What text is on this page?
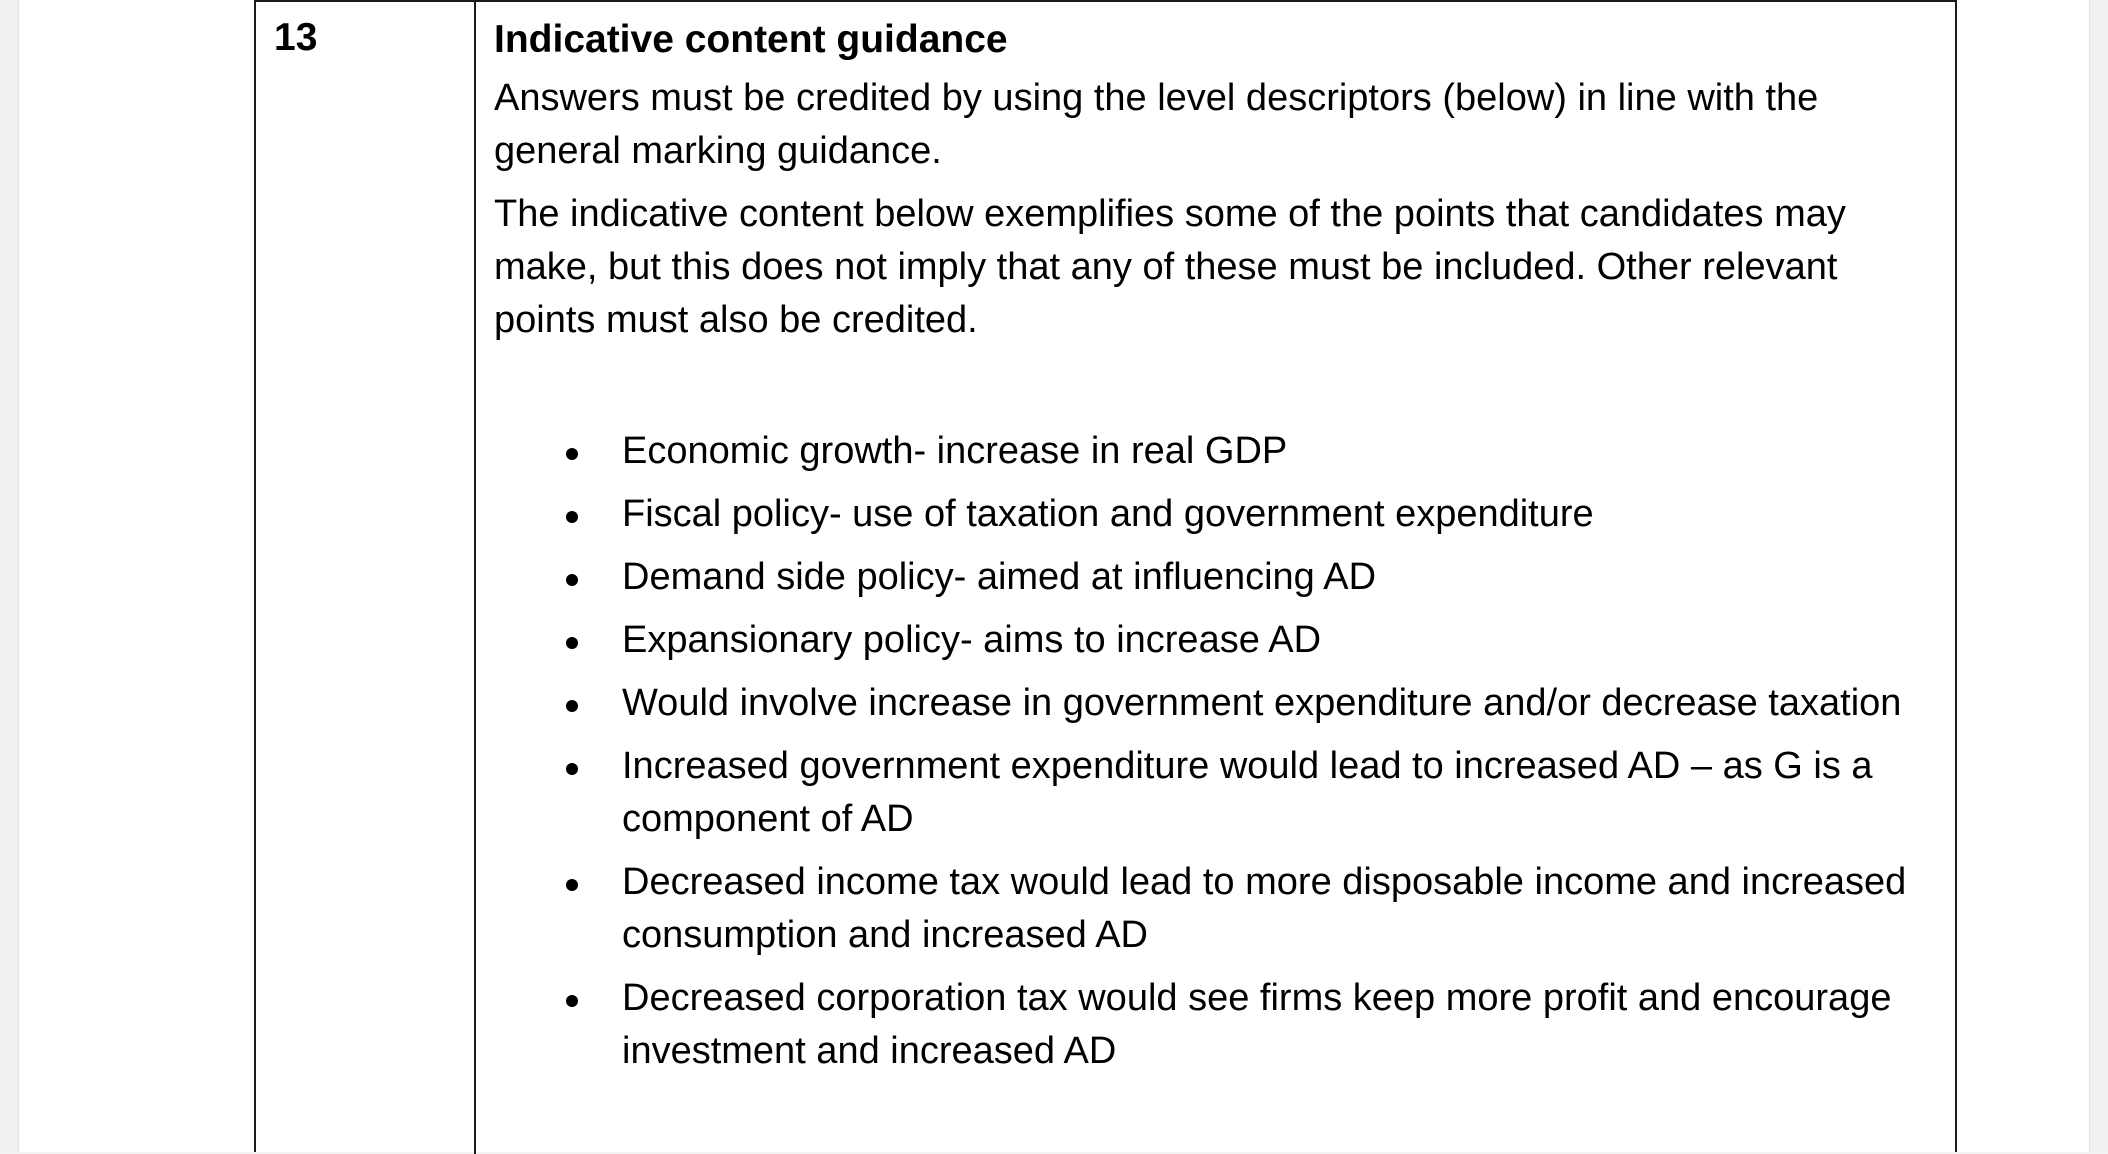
13	Indicative content guidance

Answers must be credited by using the level descriptors (below) in line with the general marking guidance.

The indicative content below exemplifies some of the points that candidates may make, but this does not imply that any of these must be included. Other relevant points must also be credited.

Economic growth- increase in real GDP
Fiscal policy- use of taxation and government expenditure
Demand side policy- aimed at influencing AD
Expansionary policy- aims to increase AD
Would involve increase in government expenditure and/or decrease taxation
Increased government expenditure would lead to increased AD – as G is a component of AD
Decreased income tax would lead to more disposable income and increased consumption and increased AD
Decreased corporation tax would see firms keep more profit and encourage investment and increased AD
